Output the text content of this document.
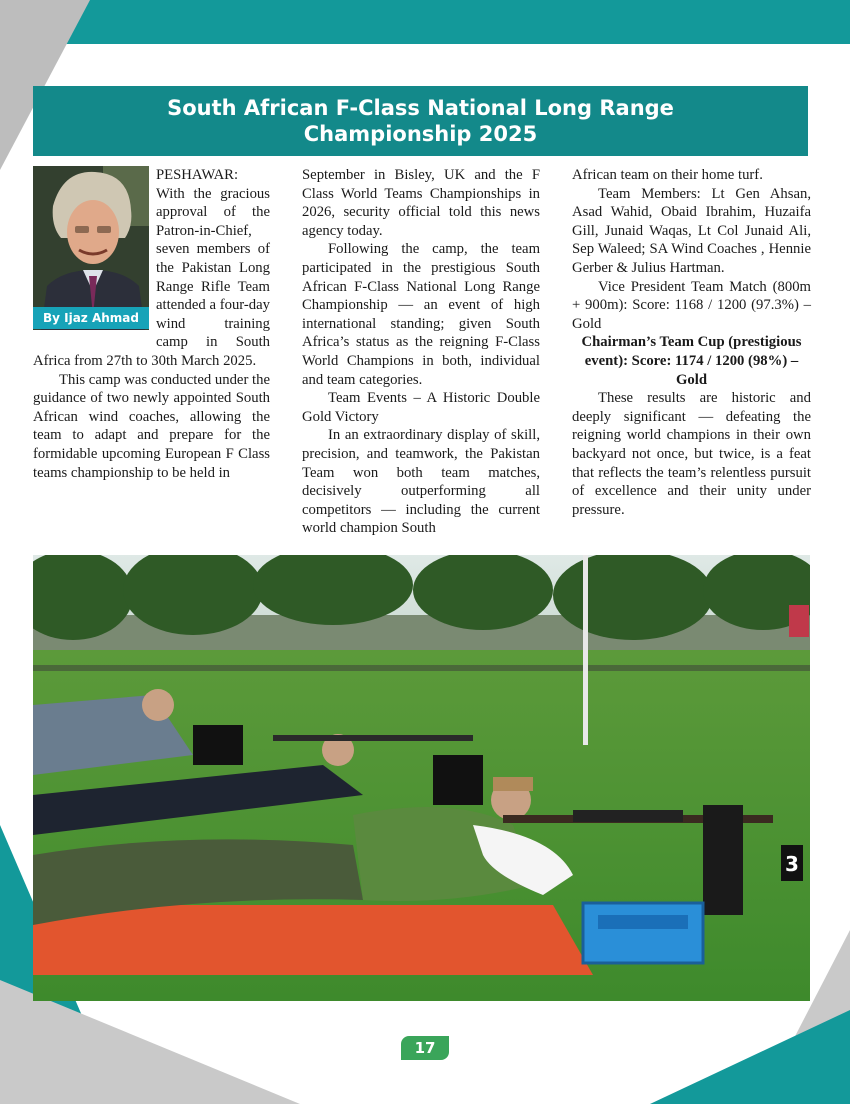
South African F-Class National Long Range Championship 2025
By Ijaz Ahmad

PESHAWAR: With the gracious approval of the Patron-in-Chief, seven members of the Pakistan Long Range Rifle Team attended a four-day wind training camp in South Africa from 27th to 30th March 2025.

This camp was conducted under the guidance of two newly appointed South African wind coaches, allowing the team to adapt and prepare for the formidable upcoming European F Class teams championship to be held in

September in Bisley, UK and the F Class World Teams Championships in 2026, security official told this news agency today.

Following the camp, the team participated in the prestigious South African F-Class National Long Range Championship — an event of high international standing; given South Africa’s status as the reigning F-Class World Champions in both, individual and team categories.

Team Events – A Historic Double Gold Victory

In an extraordinary display of skill, precision, and teamwork, the Pakistan Team won both team matches, decisively outperforming all competitors — including the current world champion South

African team on their home turf.

Team Members: Lt Gen Ahsan, Asad Wahid, Obaid Ibrahim, Huzaifa Gill, Junaid Waqas, Lt Col Junaid Ali, Sep Waleed; SA Wind Coaches , Hennie Gerber & Julius Hartman.

Vice President Team Match (800m + 900m): Score: 1168 / 1200 (97.3%) – Gold

Chairman’s Team Cup (prestigious event): Score: 1174 / 1200 (98%) – Gold

These results are historic and deeply significant — defeating the reigning world champions in their own backyard not once, but twice, is a feat that reflects the team’s relentless pursuit of excellence and their unity under pressure.

3
17
